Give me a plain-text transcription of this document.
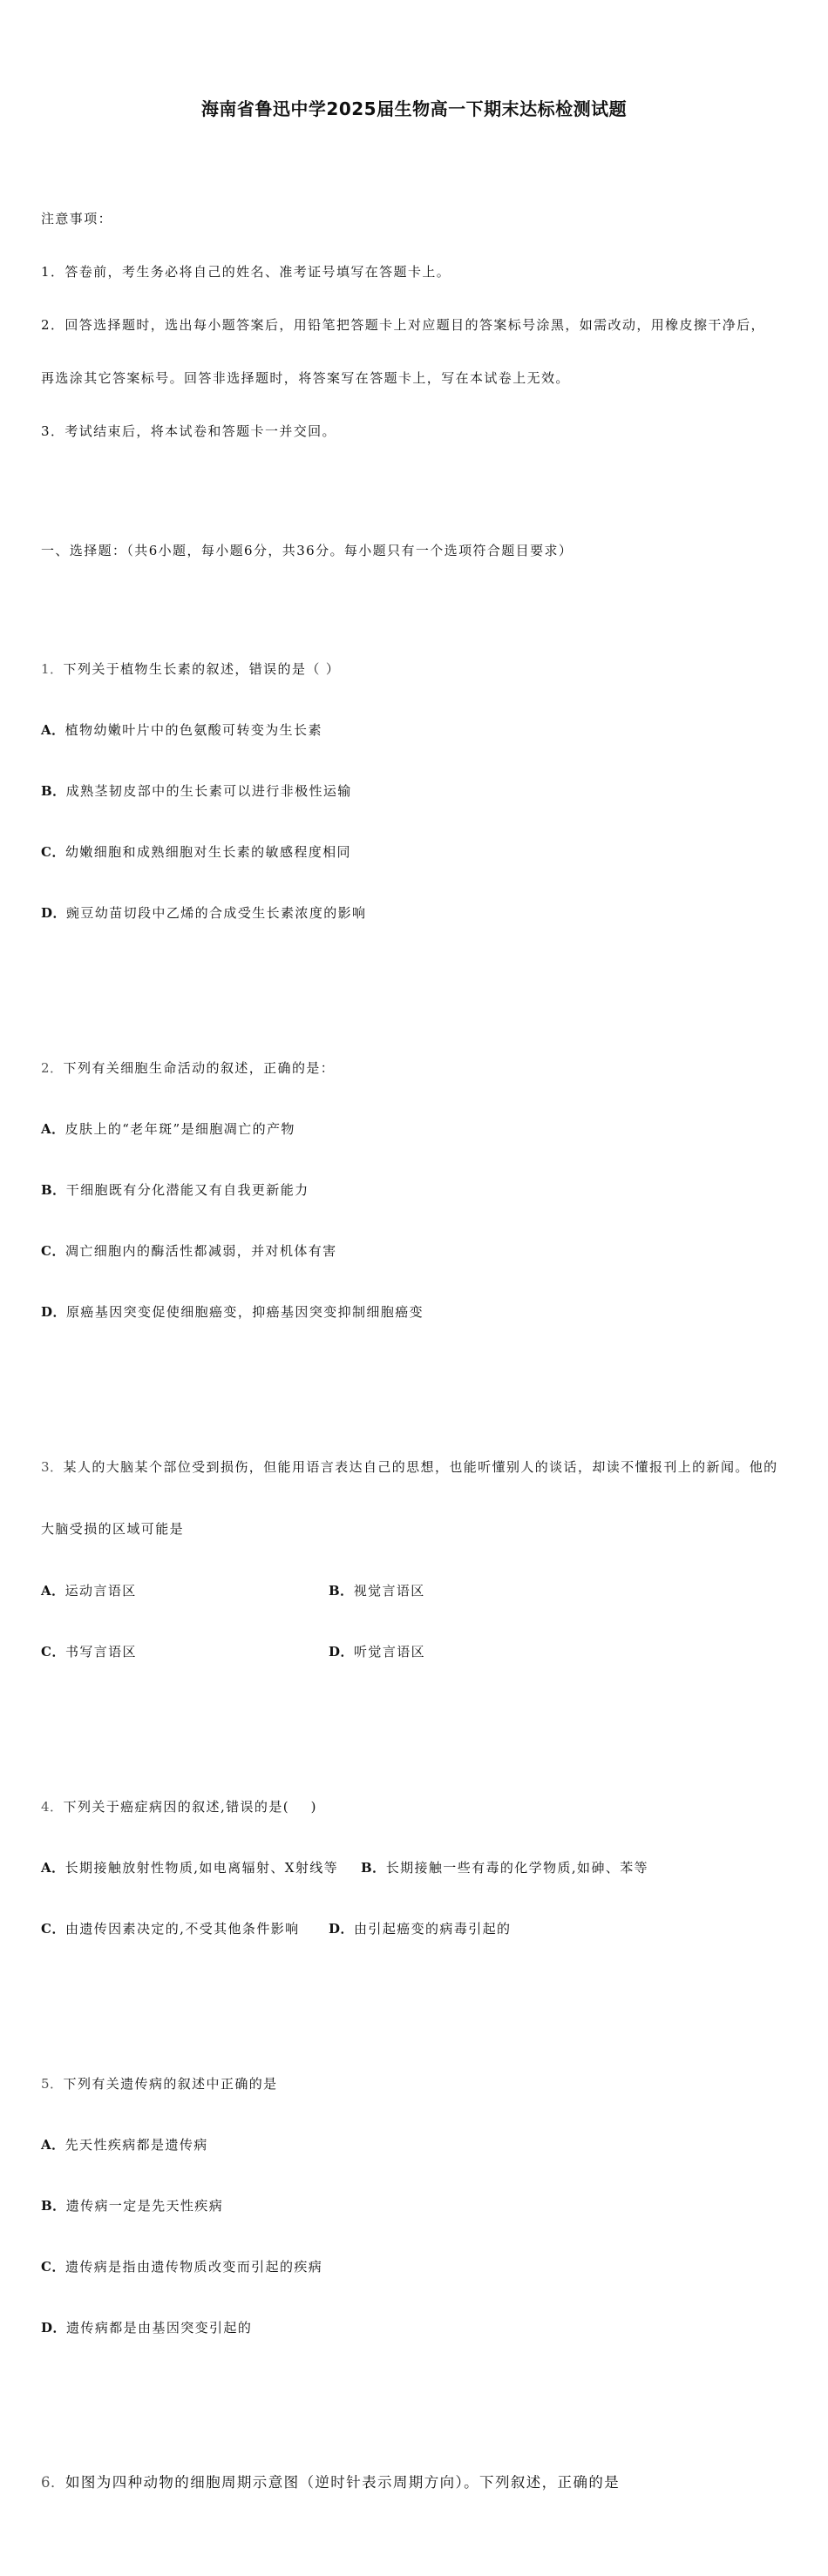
海南省鲁迅中学2025届生物高一下期末达标检测试题

注意事项：

1．答卷前，考生务必将自己的姓名、准考证号填写在答题卡上。

2．回答选择题时，选出每小题答案后，用铅笔把答题卡上对应题目的答案标号涂黑，如需改动，用橡皮擦干净后，

再选涂其它答案标号。回答非选择题时，将答案写在答题卡上，写在本试卷上无效。

3．考试结束后，将本试卷和答题卡一并交回。

一、选择题：（共6小题，每小题6分，共36分。每小题只有一个选项符合题目要求）

1．下列关于植物生长素的叙述，错误的是（ ）

A．植物幼嫩叶片中的色氨酸可转变为生长素

B．成熟茎韧皮部中的生长素可以进行非极性运输

C．幼嫩细胞和成熟细胞对生长素的敏感程度相同

D．豌豆幼苗切段中乙烯的合成受生长素浓度的影响

2．下列有关细胞生命活动的叙述，正确的是：

A．皮肤上的“老年斑”是细胞凋亡的产物

B．干细胞既有分化潜能又有自我更新能力

C．凋亡细胞内的酶活性都减弱，并对机体有害

D．原癌基因突变促使细胞癌变，抑癌基因突变抑制细胞癌变

3．某人的大脑某个部位受到损伤，但能用语言表达自己的思想，也能听懂别人的谈话，却读不懂报刊上的新闻。他的

大脑受损的区域可能是

A．运动言语区	B．视觉言语区

C．书写言语区	D．听觉言语区

4．下列关于癌症病因的叙述,错误的是(    )

A．长期接触放射性物质,如电离辐射、X射线等	B．长期接触一些有毒的化学物质,如砷、苯等

C．由遗传因素决定的,不受其他条件影响	D．由引起癌变的病毒引起的

5．下列有关遗传病的叙述中正确的是

A．先天性疾病都是遗传病

B．遗传病一定是先天性疾病

C．遗传病是指由遗传物质改变而引起的疾病

D．遗传病都是由基因突变引起的

6．如图为四种动物的细胞周期示意图（逆时针表示周期方向）。下列叙述，正确的是
